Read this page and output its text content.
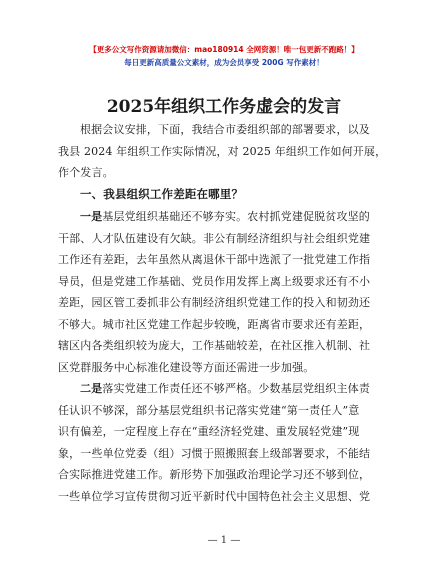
【更多公文写作资源请加微信：mao180914 全网资源！唯一包更新不跑路！】
每日更新高质量公文素材，成为会员享受 200G 写作素材！
2025年组织工作务虚会的发言
根据会议安排，下面，我结合市委组织部的部署要求，以及
我县 2024 年组织工作实际情况，对 2025 年组织工作如何开展，
作个发言。
一、我县组织工作差距在哪里？
一是基层党组织基础还不够夯实。农村抓党建促脱贫攻坚的
干部、人才队伍建设有欠缺。非公有制经济组织与社会组织党建
工作还有差距，去年虽然从离退休干部中选派了一批党建工作指
导员，但是党建工作基础、党员作用发挥上离上级要求还有不小
差距，园区管工委抓非公有制经济组织党建工作的投入和韧劲还
不够大。城市社区党建工作起步较晚，距离省市要求还有差距，
辖区内各类组织较为庞大，工作基础较差，在社区推入机制、社
区党群服务中心标准化建设等方面还需进一步加强。
二是落实党建工作责任还不够严格。少数基层党组织主体责
任认识不够深，部分基层党组织书记落实党建“第一责任人”意
识有偏差，一定程度上存在“重经济轻党建、重发展轻党建”现
象，一些单位党委（组）习惯于照搬照套上级部署要求，不能结
合实际推进党建工作。新形势下加强政治理论学习还不够到位，
一些单位学习宣传贯彻习近平新时代中国特色社会主义思想、党
— 1 —
